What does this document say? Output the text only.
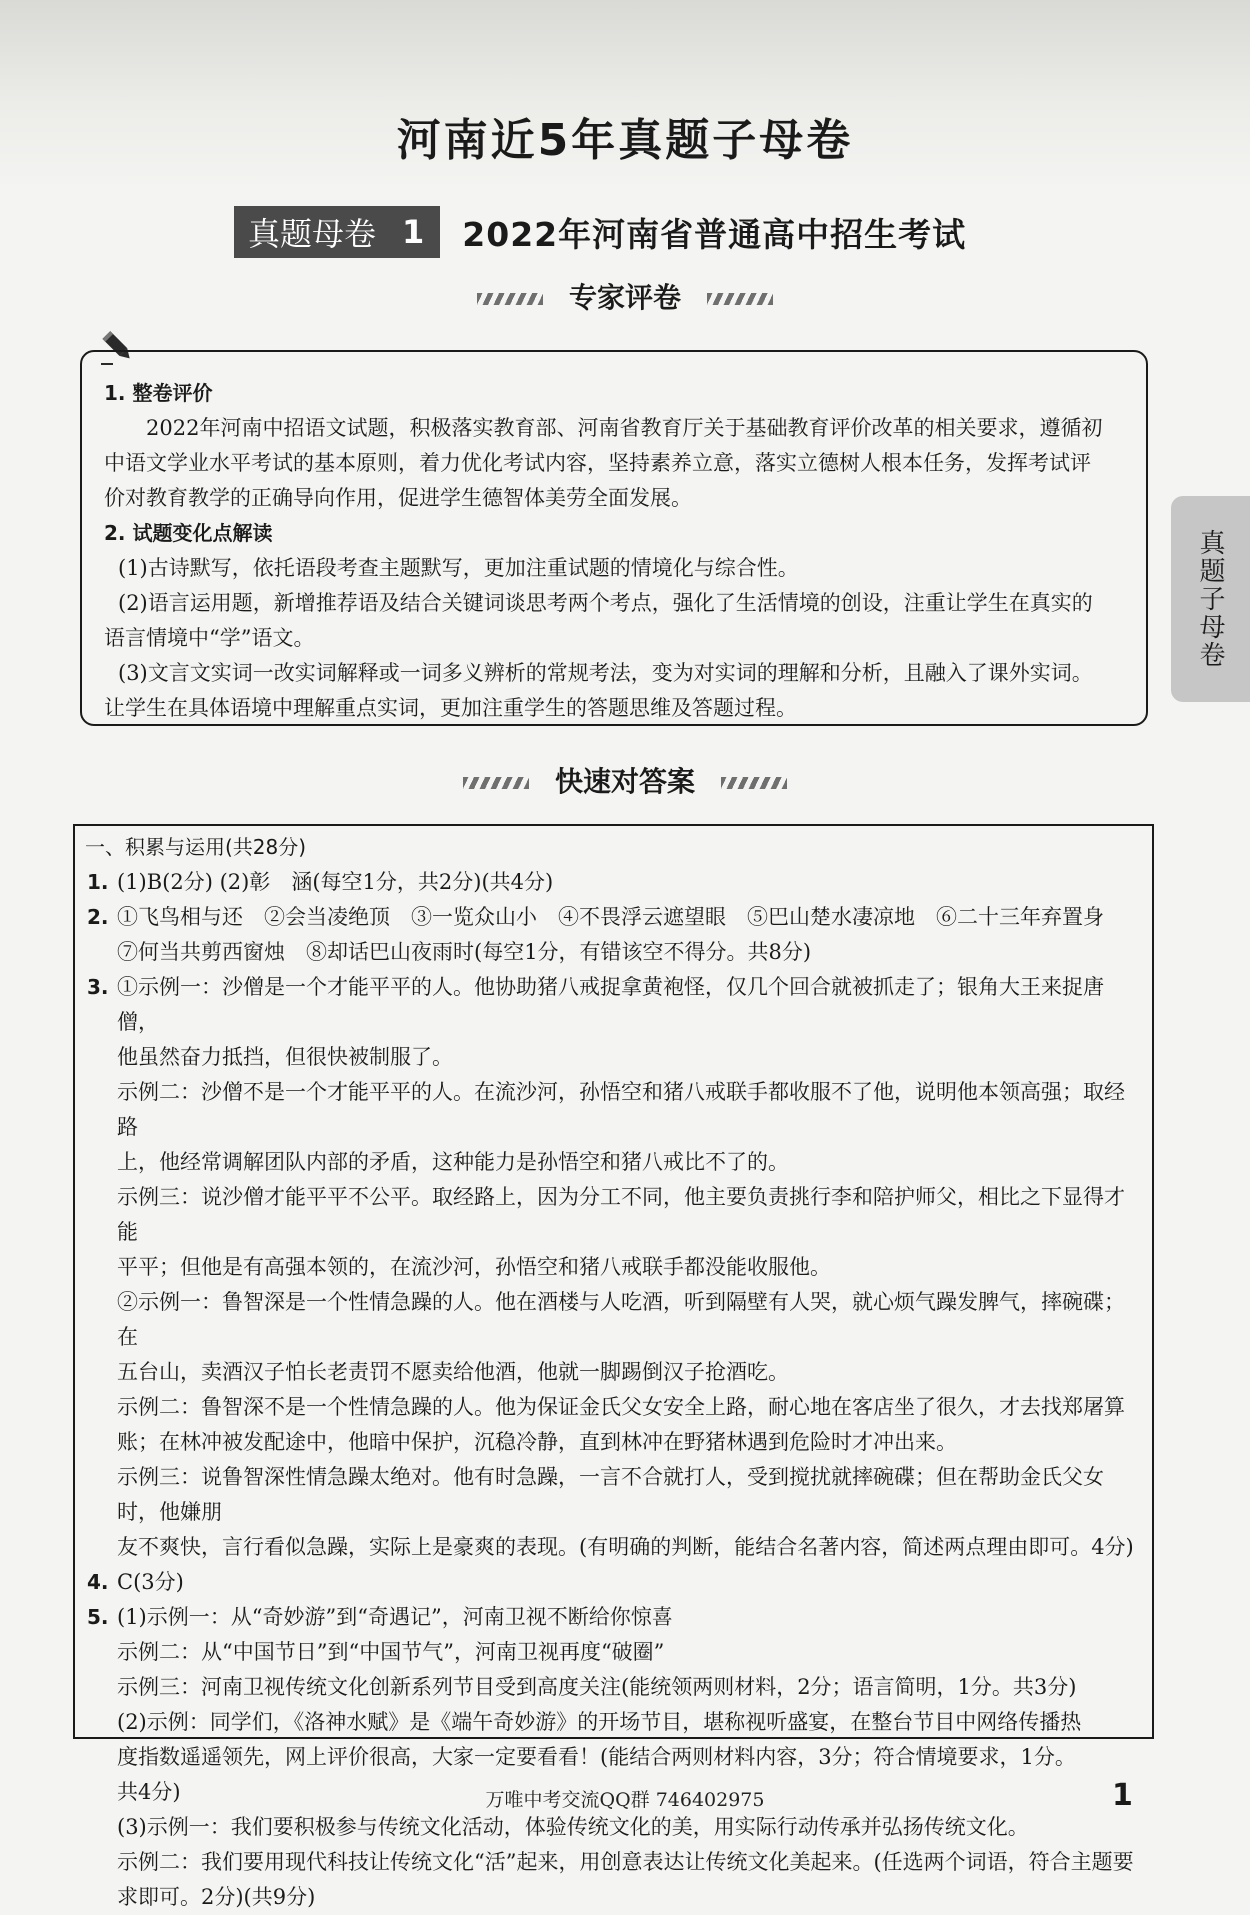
河南近5年真题子母卷
真题母卷 1 2022年河南省普通高中招生考试
专家评卷
1. 整卷评价

2022年河南中招语文试题，积极落实教育部、河南省教育厅关于基础教育评价改革的相关要求，遵循初

中语文学业水平考试的基本原则，着力优化考试内容，坚持素养立意，落实立德树人根本任务，发挥考试评

价对教育教学的正确导向作用，促进学生德智体美劳全面发展。

2. 试题变化点解读

(1)古诗默写，依托语段考查主题默写，更加注重试题的情境化与综合性。

(2)语言运用题，新增推荐语及结合关键词谈思考两个考点，强化了生活情境的创设，注重让学生在真实的

语言情境中“学”语文。

(3)文言文实词一改实词解释或一词多义辨析的常规考法，变为对实词的理解和分析，且融入了课外实词。

让学生在具体语境中理解重点实词，更加注重学生的答题思维及答题过程。

真题子母卷
快速对答案
一、积累与运用(共28分)

1. (1)B(2分) (2)彰　涵(每空1分，共2分)(共4分)

2. ①飞鸟相与还　②会当凌绝顶　③一览众山小　④不畏浮云遮望眼　⑤巴山楚水凄凉地　⑥二十三年弃置身

⑦何当共剪西窗烛　⑧却话巴山夜雨时(每空1分，有错该空不得分。共8分)

3. ①示例一：沙僧是一个才能平平的人。他协助猪八戒捉拿黄袍怪，仅几个回合就被抓走了；银角大王来捉唐僧，

他虽然奋力抵挡，但很快被制服了。

示例二：沙僧不是一个才能平平的人。在流沙河，孙悟空和猪八戒联手都收服不了他，说明他本领高强；取经路

上，他经常调解团队内部的矛盾，这种能力是孙悟空和猪八戒比不了的。

示例三：说沙僧才能平平不公平。取经路上，因为分工不同，他主要负责挑行李和陪护师父，相比之下显得才能

平平；但他是有高强本领的，在流沙河，孙悟空和猪八戒联手都没能收服他。

②示例一：鲁智深是一个性情急躁的人。他在酒楼与人吃酒，听到隔壁有人哭，就心烦气躁发脾气，摔碗碟；在

五台山，卖酒汉子怕长老责罚不愿卖给他酒，他就一脚踢倒汉子抢酒吃。

示例二：鲁智深不是一个性情急躁的人。他为保证金氏父女安全上路，耐心地在客店坐了很久，才去找郑屠算

账；在林冲被发配途中，他暗中保护，沉稳冷静，直到林冲在野猪林遇到危险时才冲出来。

示例三：说鲁智深性情急躁太绝对。他有时急躁，一言不合就打人，受到搅扰就摔碗碟；但在帮助金氏父女时，他嫌朋

友不爽快，言行看似急躁，实际上是豪爽的表现。(有明确的判断，能结合名著内容，简述两点理由即可。4分)

4. C(3分)

5. (1)示例一：从“奇妙游”到“奇遇记”，河南卫视不断给你惊喜

示例二：从“中国节日”到“中国节气”，河南卫视再度“破圈”

示例三：河南卫视传统文化创新系列节目受到高度关注(能统领两则材料，2分；语言简明，1分。共3分)

(2)示例：同学们，《洛神水赋》是《端午奇妙游》的开场节目，堪称视听盛宴，在整台节目中网络传播热

度指数遥遥领先，网上评价很高，大家一定要看看！(能结合两则材料内容，3分；符合情境要求，1分。

共4分)

(3)示例一：我们要积极参与传统文化活动，体验传统文化的美，用实际行动传承并弘扬传统文化。

示例二：我们要用现代科技让传统文化“活”起来，用创意表达让传统文化美起来。(任选两个词语，符合主题要

求即可。2分)(共9分)

万唯中考交流QQ群 746402975	1
